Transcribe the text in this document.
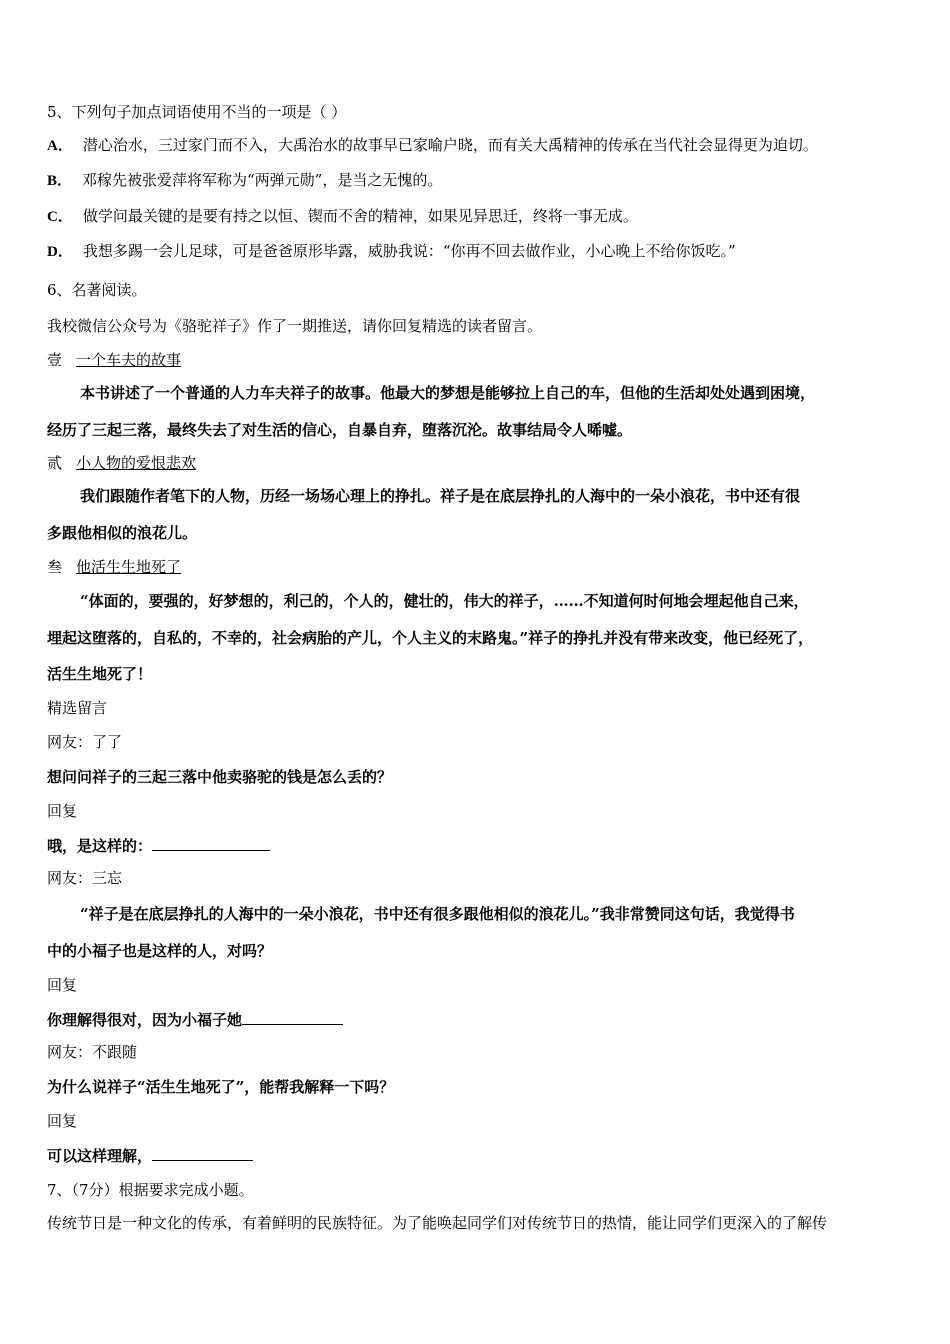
5、下列句子加点词语使用不当的一项是（ ）
A． 潜心治水，三过家门而不入，大禹治水的故事早已家喻户晓，而有关大禹精神的传承在当代社会显得更为迫切。
B． 邓稼先被张爱萍将军称为“两弹元勋”，是当之无愧的。
C． 做学问最关键的是要有持之以恒、锲而不舍的精神，如果见异思迁，终将一事无成。
D． 我想多踢一会儿足球，可是爸爸原形毕露，威胁我说：“你再不回去做作业，小心晚上不给你饭吃。”
6、名著阅读。
我校微信公众号为《骆驼祥子》作了一期推送，请你回复精选的读者留言。
壹 一个车夫的故事
本书讲述了一个普通的人力车夫祥子的故事。他最大的梦想是能够拉上自己的车，但他的生活却处处遇到困境，
经历了三起三落，最终失去了对生活的信心，自暴自弃，堕落沉沦。故事结局令人唏嘘。
贰 小人物的爱恨悲欢
我们跟随作者笔下的人物，历经一场场心理上的挣扎。祥子是在底层挣扎的人海中的一朵小浪花，书中还有很
多跟他相似的浪花儿。
叁 他活生生地死了
“体面的，要强的，好梦想的，利己的，个人的，健壮的，伟大的祥子，……不知道何时何地会埋起他自己来，
埋起这堕落的，自私的，不幸的，社会病胎的产儿，个人主义的末路鬼。”祥子的挣扎并没有带来改变，他已经死了，
活生生地死了！
精选留言
网友：了了
想问问祥子的三起三落中他卖骆驼的钱是怎么丢的？
回复
哦，是这样的：
网友：三忘
“祥子是在底层挣扎的人海中的一朵小浪花，书中还有很多跟他相似的浪花儿。”我非常赞同这句话，我觉得书
中的小福子也是这样的人，对吗？
回复
你理解得很对，因为小福子她
网友：不跟随
为什么说祥子“活生生地死了”，能帮我解释一下吗？
回复
可以这样理解，
7、（7分）根据要求完成小题。
传统节日是一种文化的传承，有着鲜明的民族特征。为了能唤起同学们对传统节日的热情，能让同学们更深入的了解传
